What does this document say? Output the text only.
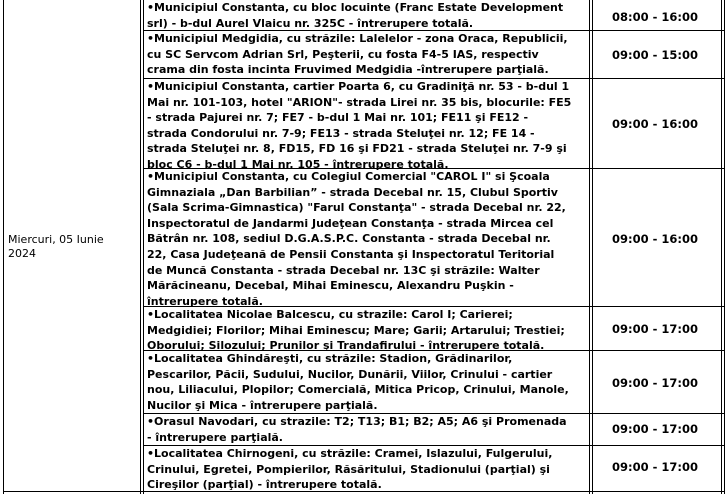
Miercuri, 05 Iunie
2024
•Municipiul Constanta, cu bloc locuinte (Franc Estate Development
srl) - b-dul Aurel Vlaicu nr. 325C - întrerupere totală.	08:00 - 16:00
•Municipiul Medgidia, cu străzile: Lalelelor - zona Oraca, Republicii,
cu SC Servcom Adrian Srl, Peşterii, cu fosta F4-5 IAS, respectiv
crama din fosta incinta Fruvimed Medgidia -întrerupere parţială.
09:00 - 15:00
•Municipiul Constanta, cartier Poarta 6, cu Gradiniţă nr. 53 - b-dul 1
Mai nr. 101-103, hotel "ARION"- strada Lirei nr. 35 bis, blocurile: FE5
- strada Pajurei nr. 7; FE7 - b-dul 1 Mai nr. 101; FE11 şi FE12 -
strada Condorului nr. 7-9; FE13 - strada Steluţei nr. 12; FE 14 -
strada Steluţei nr. 8, FD15, FD 16 şi FD21 - strada Steluţei nr. 7-9 şi
bloc C6 - b-dul 1 Mai nr. 105 - întrerupere totală.
09:00 - 16:00
•Municipiul Constanta, cu Colegiul Comercial "CAROL I" si Şcoala
Gimnaziala „Dan Barbilian” - strada Decebal nr. 15, Clubul Sportiv
(Sala Scrima-Gimnastica) "Farul Constanţa" - strada Decebal nr. 22,
Inspectoratul de Jandarmi Judeţean Constanţa - strada Mircea cel
Bătrân nr. 108, sediul D.G.A.S.P.C. Constanta - strada Decebal nr.
22, Casa Judeţeană de Pensii Constanta şi Inspectoratul Teritorial
de Muncă Constanta - strada Decebal nr. 13C şi străzile: Walter
Mărăcineanu, Decebal, Mihai Eminescu, Alexandru Puşkin -
întrerupere totală.
09:00 - 16:00
•Localitatea Nicolae Balcescu, cu strazile: Carol I; Carierei;
Medgidiei; Florilor; Mihai Eminescu; Mare; Garii; Artarului; Trestiei;
Oborului; Silozului; Prunilor şi Trandafirului - întrerupere totală.
09:00 - 17:00
•Localitatea Ghindăreşti, cu străzile: Stadion, Grădinarilor,
Pescarilor, Păcii, Sudului, Nucilor, Dunării, Viilor, Crinului - cartier
nou, Liliacului, Plopilor; Comercială, Mitica Pricop, Crinului, Manole,
Nucilor şi Mica - întrerupere parţială.
09:00 - 17:00
•Orasul Navodari, cu strazile: T2; T13; B1; B2; A5; A6 şi Promenada
- întrerupere parţială.
09:00 - 17:00
•Localitatea Chirnogeni, cu străzile: Cramei, Islazului, Fulgerului,
Crinului, Egretei, Pompierilor, Răsăritului, Stadionului (parţial) şi
Cireşilor (parţial) - întrerupere totală.
09:00 - 17:00
